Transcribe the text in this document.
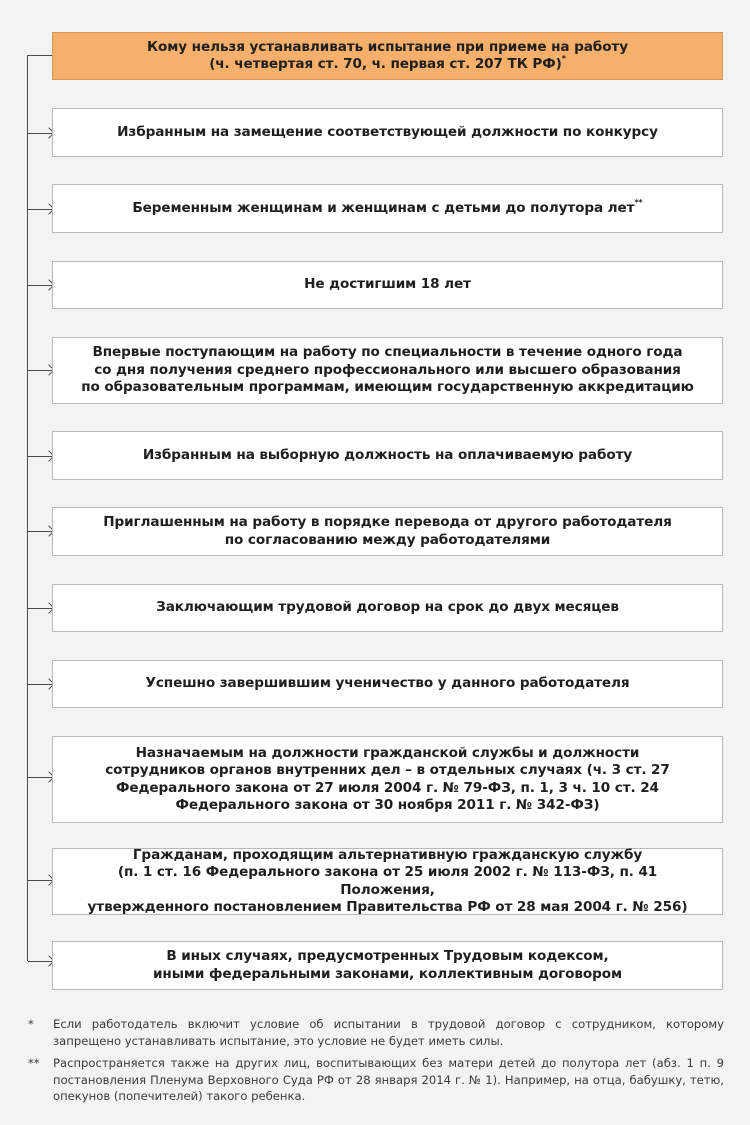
Кому нельзя устанавливать испытание при приеме на работу
(ч. четвертая ст. 70, ч. первая ст. 207 ТК РФ)*
Избранным на замещение соответствующей должности по конкурсу
Беременным женщинам и женщинам с детьми до полутора лет**
Не достигшим 18 лет
Впервые поступающим на работу по специальности в течение одного года
со дня получения среднего профессионального или высшего образования
по образовательным программам, имеющим государственную аккредитацию
Избранным на выборную должность на оплачиваемую работу
Приглашенным на работу в порядке перевода от другого работодателя
по согласованию между работодателями
Заключающим трудовой договор на срок до двух месяцев
Успешно завершившим ученичество у данного работодателя
Назначаемым на должности гражданской службы и должности
сотрудников органов внутренних дел – в отдельных случаях (ч. 3 ст. 27
Федерального закона от 27 июля 2004 г. № 79-ФЗ, п. 1, 3 ч. 10 ст. 24
Федерального закона от 30 ноября 2011 г. № 342-ФЗ)
Гражданам, проходящим альтернативную гражданскую службу
(п. 1 ст. 16 Федерального закона от 25 июля 2002 г. № 113-ФЗ, п. 41 Положения,
утвержденного постановлением Правительства РФ от 28 мая 2004 г. № 256)
В иных случаях, предусмотренных Трудовым кодексом,
иными федеральными законами, коллективным договором
* Если работодатель включит условие об испытании в трудовой договор с сотрудником, которому запрещено устанавливать испытание, это условие не будет иметь силы.
** Распространяется также на других лиц, воспитывающих без матери детей до полутора лет (абз. 1 п. 9 постановления Пленума Верховного Суда РФ от 28 января 2014 г. № 1). Например, на отца, бабушку, тетю, опекунов (попечителей) такого ребенка.
